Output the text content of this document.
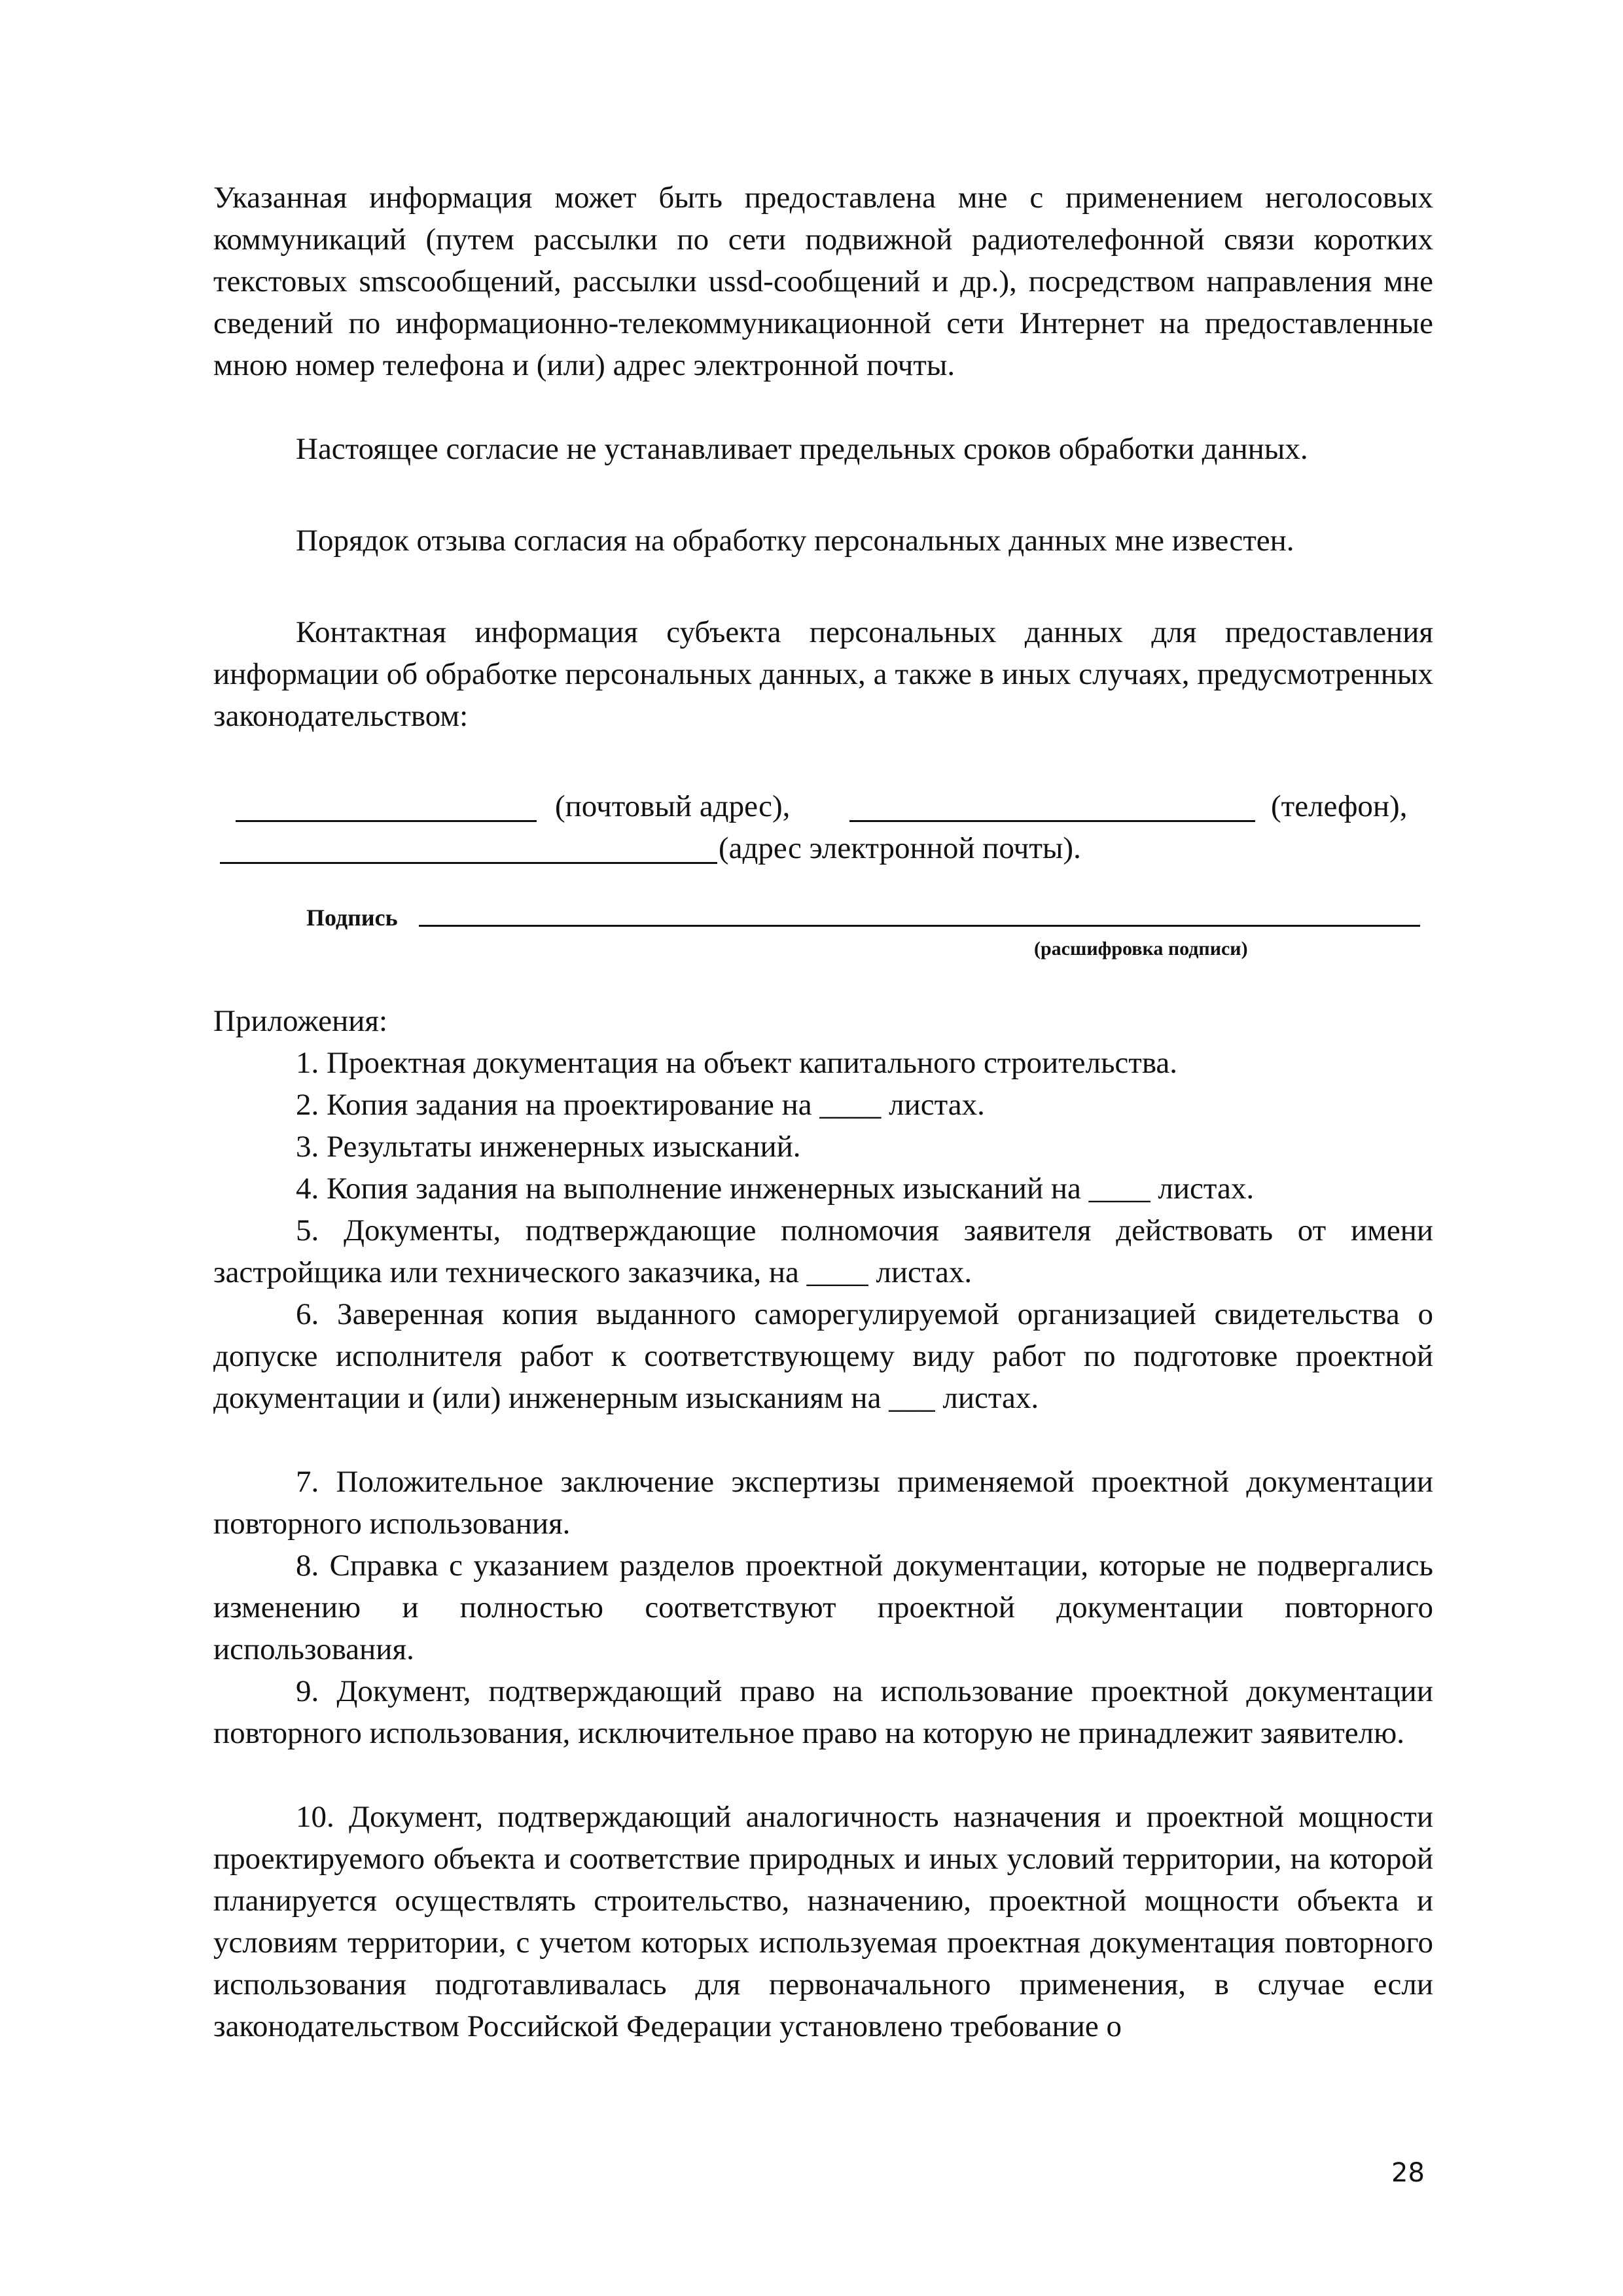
Указанная информация может быть предоставлена мне с применением неголосовых коммуникаций (путем рассылки по сети подвижной радиотелефонной связи коротких текстовых smsсообщений, рассылки ussd-сообщений и др.), посредством направления мне сведений по информационно-телекоммуникационной сети Интернет на предоставленные мною номер телефона и (или) адрес электронной почты.
Настоящее согласие не устанавливает предельных сроков обработки данных.
Порядок отзыва согласия на обработку персональных данных мне известен.
Контактная информация субъекта персональных данных для предоставления информации об обработке персональных данных, а также в иных случаях, предусмотренных законодательством:
(почтовый адрес),	(телефон),
(адрес электронной почты).
Подпись
(расшифровка подписи)
Приложения:
1. Проектная документация на объект капитального строительства.
2. Копия задания на проектирование на ____ листах.
3. Результаты инженерных изысканий.
4. Копия задания на выполнение инженерных изысканий на ____ листах.
5. Документы, подтверждающие полномочия заявителя действовать от имени застройщика или технического заказчика, на ____ листах.
6. Заверенная копия выданного саморегулируемой организацией свидетельства о допуске исполнителя работ к соответствующему виду работ по подготовке проектной документации и (или) инженерным изысканиям на ___ листах.
7. Положительное заключение экспертизы применяемой проектной документации повторного использования.
8. Справка с указанием разделов проектной документации, которые не подвергались изменению и полностью соответствуют проектной документации повторного использования.
9. Документ, подтверждающий право на использование проектной документации повторного использования, исключительное право на которую не принадлежит заявителю.
10. Документ, подтверждающий аналогичность назначения и проектной мощности проектируемого объекта и соответствие природных и иных условий территории, на которой планируется осуществлять строительство, назначению, проектной мощности объекта и условиям территории, с учетом которых используемая проектная документация повторного использования подготавливалась для первоначального применения, в случае если законодательством Российской Федерации установлено требование о
28
